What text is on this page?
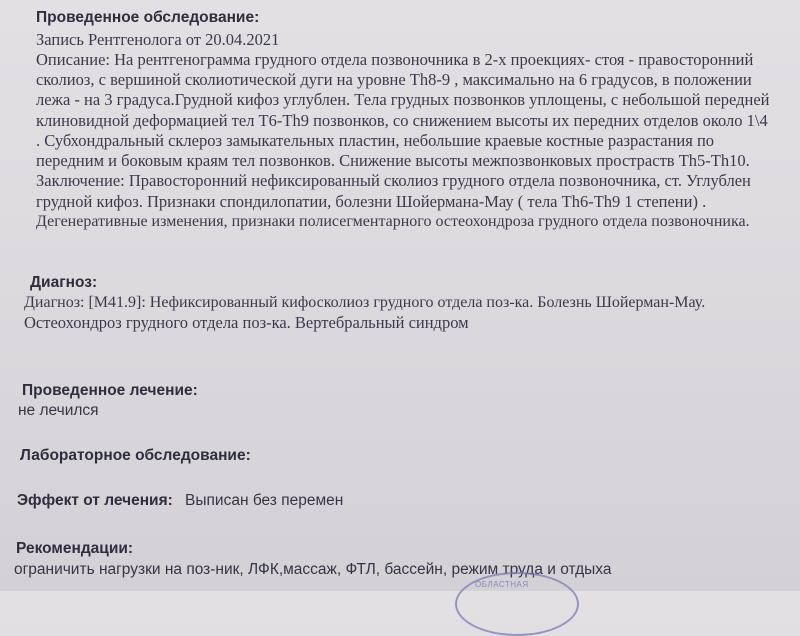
Проведенное обследование:
Запись Рентгенолога от 20.04.2021
Описание: На рентгенограмма грудного отдела позвоночника в 2-х проекциях- стоя - правосторонний
сколиоз, с вершиной сколиотической дуги на уровне Th8-9 , максимально на 6 градусов, в положении
лежа - на 3 градуса.Грудной кифоз углублен. Тела грудных позвонков уплощены, с небольшой передней
клиновидной деформацией тел Т6-Th9 позвонков, со снижением высоты их передних отделов около 1\4
. Субхондральный склероз замыкательных пластин, небольшие краевые костные разрастания по
передним и боковым краям тел позвонков. Снижение высоты межпозвонковых простраств Th5-Th10.
Заключение: Правосторонний нефиксированный сколиоз грудного отдела позвоночника, ст. Углублен
грудной кифоз. Признаки спондилопатии, болезни Шойермана-Мау ( тела Th6-Th9 1 степени) .
Дегенеративные изменения, признаки полисегментарного остеохондроза грудного отдела позвоночника.
Диагноз:
Диагноз: [M41.9]: Нефиксированный кифосколиоз грудного отдела поз-ка. Болезнь Шойерман-Мау.
Остеохондроз грудного отдела поз-ка. Вертебральный синдром
Проведенное лечение:
не лечился
Лабораторное обследование:
Эффект от лечения: Выписан без перемен
Рекомендации:
ограничить нагрузки на поз-ник, ЛФК,массаж, ФТЛ, бассейн, режим труда и отдыха
ОБЛАСТНАЯ
